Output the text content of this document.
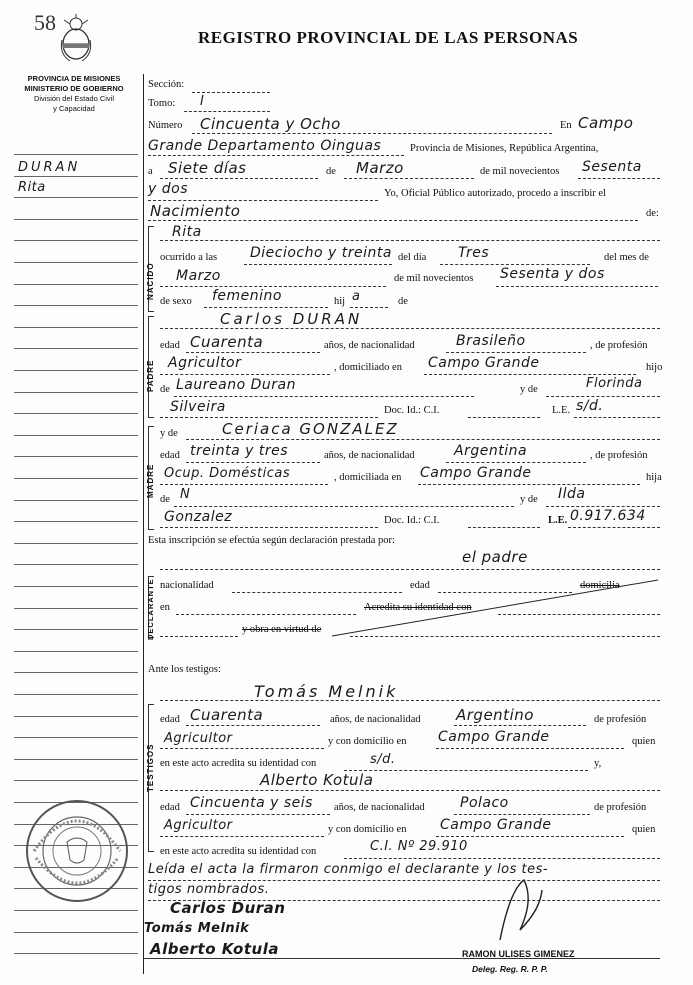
58
REGISTRO PROVINCIAL DE LAS PERSONAS
PROVINCIA DE MISIONES
MINISTERIO DE GOBIERNO
División del Estado Civil
y Capacidad
DURAN
Rita
Sección:
Tomo: I
Número Cincuenta y Ocho	En Campo
Grande Departamento Oinguas	Provincia de Misiones, República Argentina,
a Siete días	de Marzo	de mil novecientos Sesenta
y dos	Yo, Oficial Público autorizado, procedo a inscribir el
Nacimiento	de:
NACIDO
Rita
ocurrido a las Dieciocho y treinta del día Tres	del mes de
Marzo	de mil novecientos Sesenta y dos
de sexo femenino	hij a	de
PADRE
Carlos DURAN
edad Cuarenta	años, de nacionalidad	Brasileño	, de profesión
Agricultor	, domiciliado en Campo Grande	hijo
de Laureano Duran	y de	Florinda
Silveira	Doc. Id.: C.I.	L.E. s/d.
y de
MADRE
Ceriaca GONZALEZ
edad treinta y tres	años, de nacionalidad	Argentina	, de profesión
Ocup. Domésticas	, domiciliada en Campo Grande	hija
de N	y de Ilda
Gonzalez	Doc. Id.: C.I.	L.E. 0.917.634
Esta inscripción se efectúa según declaración prestada por:
el padre
DECLARANTE nacionalidad	edad	domicilia
en	Acredita su identidad con
y obra en virtud de
Ante los testigos:
TESTIGOS
Tomás Melnik
edad Cuarenta	años, de nacionalidad Argentino	de profesión
Agricultor	y con domicilio en Campo Grande	quien
en este acto acredita su identidad con	s/d.	y,
Alberto Kotula
edad Cincuenta y seis años, de nacionalidad	Polaco	de profesión
Agricultor	y con domicilio en Campo Grande	quien
en este acto acredita su identidad con	C.I. Nº 29.910
Leída el acta la firmaron conmigo el declarante y los tes-
tigos nombrados.
Carlos Duran
Tomás Melnik
Alberto Kotula	RAMON ULISES GIMENEZ
Deleg. Reg. R. P. P.
